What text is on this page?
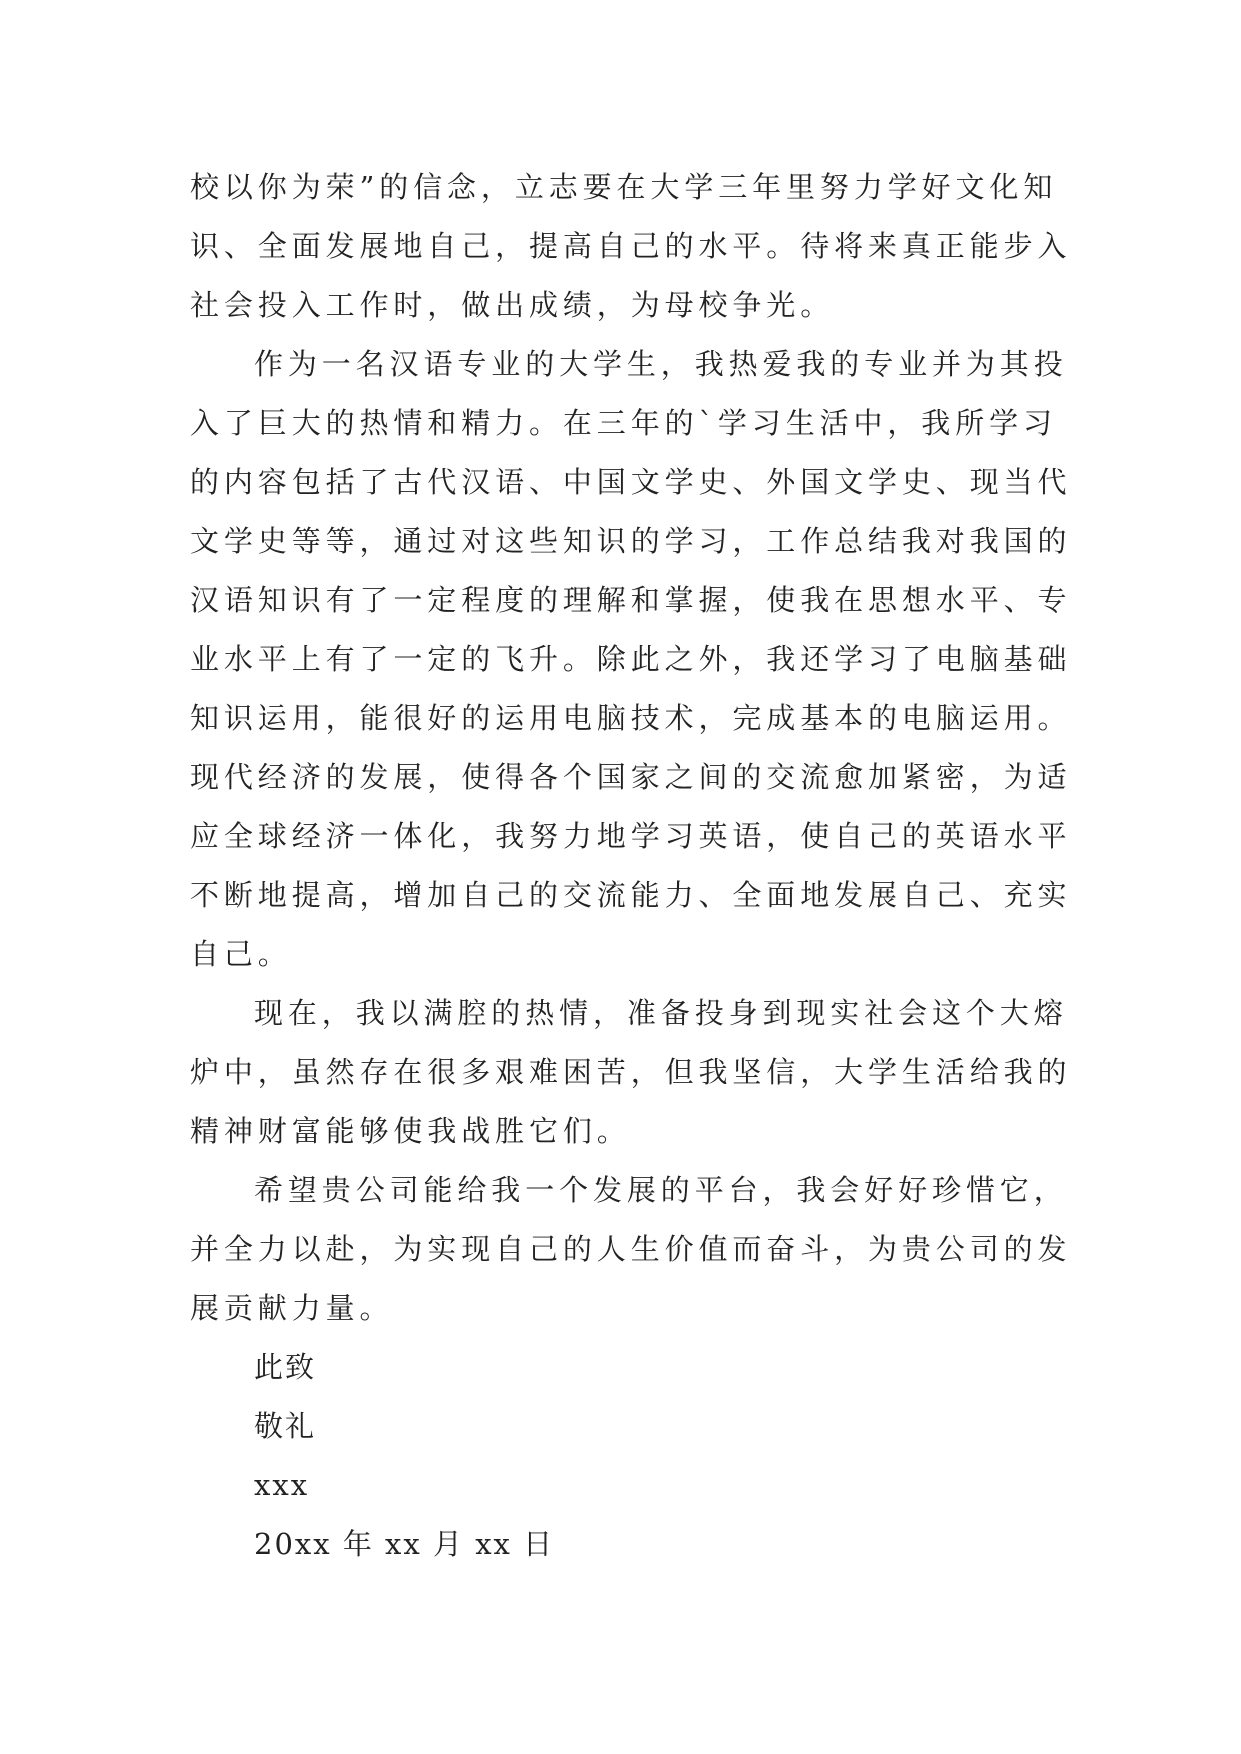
校以你为荣”的信念，立志要在大学三年里努力学好文化知
识、全面发展地自己，提高自己的水平。待将来真正能步入
社会投入工作时，做出成绩，为母校争光。
作为一名汉语专业的大学生，我热爱我的专业并为其投
入了巨大的热情和精力。在三年的`学习生活中，我所学习
的内容包括了古代汉语、中国文学史、外国文学史、现当代
文学史等等，通过对这些知识的学习，工作总结我对我国的
汉语知识有了一定程度的理解和掌握，使我在思想水平、专
业水平上有了一定的飞升。除此之外，我还学习了电脑基础
知识运用，能很好的运用电脑技术，完成基本的电脑运用。
现代经济的发展，使得各个国家之间的交流愈加紧密，为适
应全球经济一体化，我努力地学习英语，使自己的英语水平
不断地提高，增加自己的交流能力、全面地发展自己、充实
自己。
现在，我以满腔的热情，准备投身到现实社会这个大熔
炉中，虽然存在很多艰难困苦，但我坚信，大学生活给我的
精神财富能够使我战胜它们。
希望贵公司能给我一个发展的平台，我会好好珍惜它，
并全力以赴，为实现自己的人生价值而奋斗，为贵公司的发
展贡献力量。
此致
敬礼
xxx
20xx 年 xx 月 xx 日
